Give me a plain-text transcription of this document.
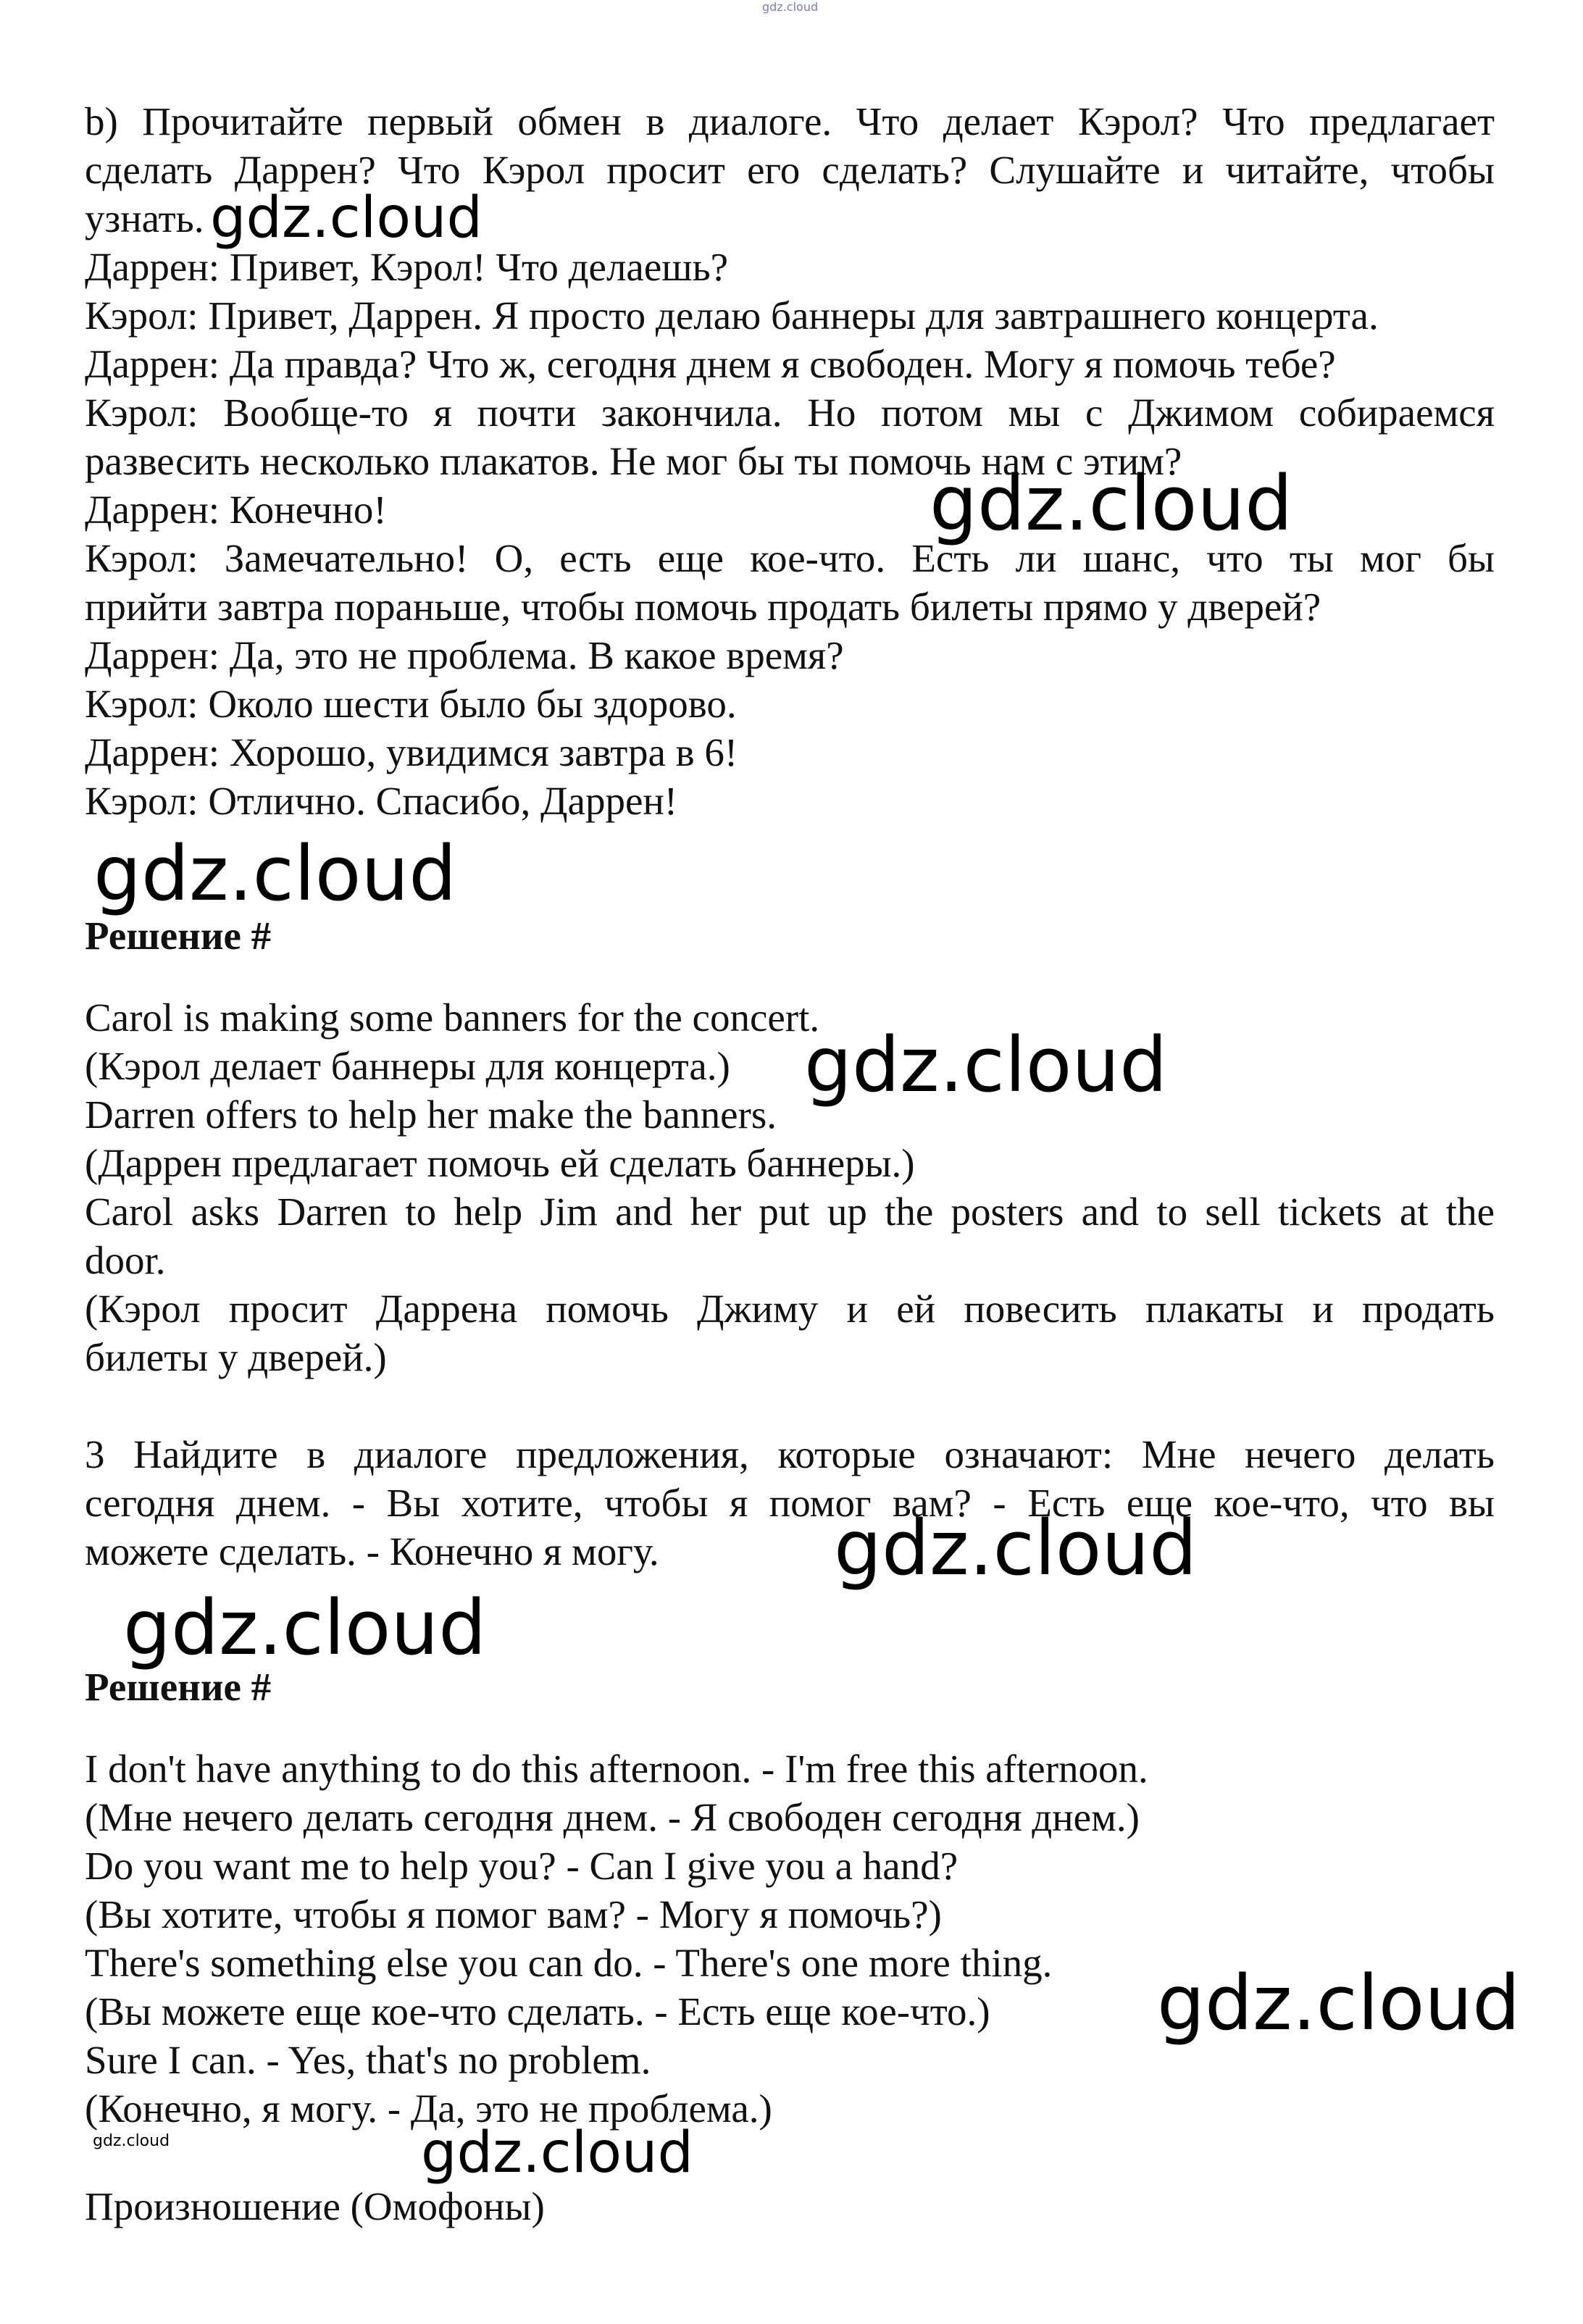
gdz.cloud
b) Прочитайте первый обмен в диалоге. Что делает Кэрол? Что предлагает
сделать Даррен? Что Кэрол просит его сделать? Слушайте и читайте, чтобы
узнать.
Даррен: Привет, Кэрол! Что делаешь?
Кэрол: Привет, Даррен. Я просто делаю баннеры для завтрашнего концерта.
Даррен: Да правда? Что ж, сегодня днем я свободен. Могу я помочь тебе?
Кэрол: Вообще-то я почти закончила. Но потом мы с Джимом собираемся
развесить несколько плакатов. Не мог бы ты помочь нам с этим?
Даррен: Конечно!
Кэрол: Замечательно! О, есть еще кое-что. Есть ли шанс, что ты мог бы
прийти завтра пораньше, чтобы помочь продать билеты прямо у дверей?
Даррен: Да, это не проблема. В какое время?
Кэрол: Около шести было бы здорово.
Даррен: Хорошо, увидимся завтра в 6!
Кэрол: Отлично. Спасибо, Даррен!
Решение #
Carol is making some banners for the concert.
(Кэрол делает баннеры для концерта.)
Darren offers to help her make the banners.
(Даррен предлагает помочь ей сделать баннеры.)
Carol asks Darren to help Jim and her put up the posters and to sell tickets at the
door.
(Кэрол просит Даррена помочь Джиму и ей повесить плакаты и продать
билеты у дверей.)
3 Найдите в диалоге предложения, которые означают: Мне нечего делать
сегодня днем. - Вы хотите, чтобы я помог вам? - Есть еще кое-что, что вы
можете сделать. - Конечно я могу.
Решение #
I don't have anything to do this afternoon. - I'm free this afternoon.
(Мне нечего делать сегодня днем. - Я свободен сегодня днем.)
Do you want me to help you? - Can I give you a hand?
(Вы хотите, чтобы я помог вам? - Могу я помочь?)
There's something else you can do. - There's one more thing.
(Вы можете еще кое-что сделать. - Есть еще кое-что.)
Sure I can. - Yes, that's no problem.
(Конечно, я могу. - Да, это не проблема.)
Произношение (Омофоны)
gdz.cloud
gdz.cloud
gdz.cloud
gdz.cloud
gdz.cloud
gdz.cloud
gdz.cloud
gdz.cloud	gdz.cloud
